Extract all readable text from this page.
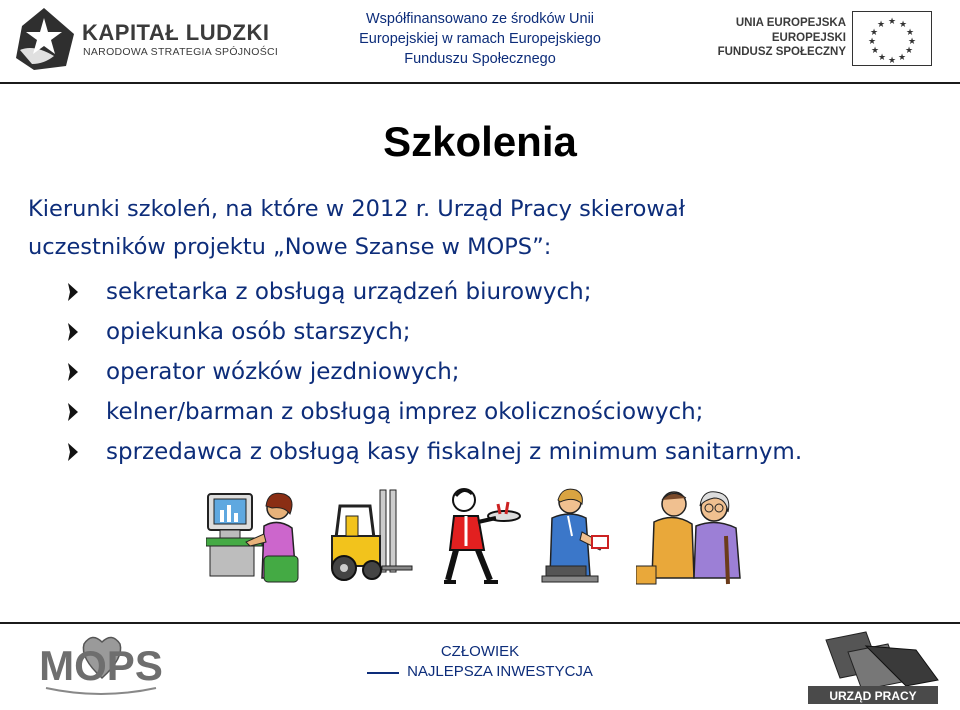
KAPITAŁ LUDZKI
NARODOWA STRATEGIA SPÓJNOŚCI
Współfinansowano ze środków Unii
Europejskiej w ramach Europejskiego
Funduszu Społecznego
UNIA EUROPEJSKA
EUROPEJSKI
FUNDUSZ SPOŁECZNY
★ ★
★
★
★
★
★
★
★
★
★
★
Szkolenia
Kierunki szkoleń, na które w 2012 r. Urząd Pracy skierował
uczestników projektu „Nowe Szanse w MOPS”:
sekretarka z obsługą urządzeń biurowych;
opiekunka osób starszych;
operator wózków jezdniowych;
kelner/barman z obsługą imprez okolicznościowych;
sprzedawca z obsługą kasy fiskalnej z minimum sanitarnym.
MOPS	CZŁOWIEK
NAJLEPSZA INWESTYCJA
URZĄD PRACY
